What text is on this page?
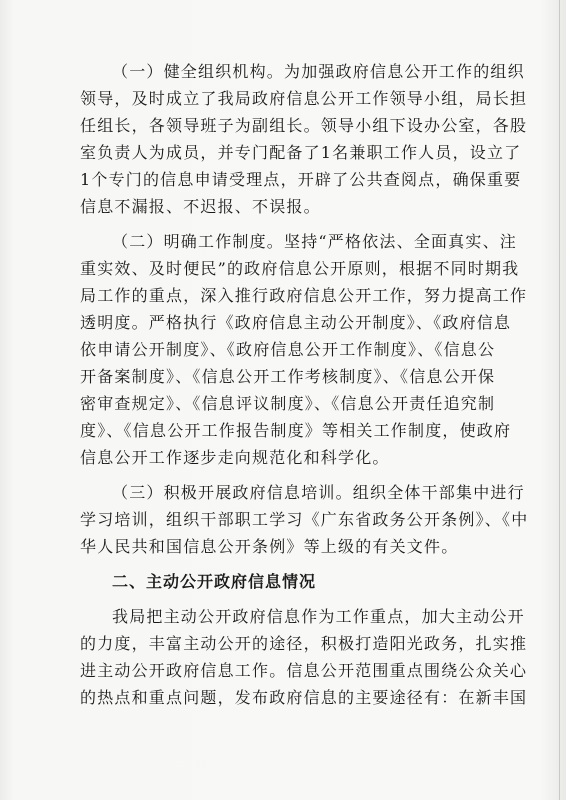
（一）健全组织机构。为加强政府信息公开工作的组织
领导，及时成立了我局政府信息公开工作领导小组，局长担
任组长，各领导班子为副组长。领导小组下设办公室，各股
室负责人为成员，并专门配备了1名兼职工作人员，设立了
1个专门的信息申请受理点，开辟了公共查阅点，确保重要
信息不漏报、不迟报、不误报。
（二）明确工作制度。坚持“严格依法、全面真实、注
重实效、及时便民”的政府信息公开原则，根据不同时期我
局工作的重点，深入推行政府信息公开工作，努力提高工作
透明度。严格执行《政府信息主动公开制度》、《政府信息
依申请公开制度》、《政府信息公开工作制度》、《信息公
开备案制度》、《信息公开工作考核制度》、《信息公开保
密审查规定》、《信息评议制度》、《信息公开责任追究制
度》、《信息公开工作报告制度》等相关工作制度，使政府
信息公开工作逐步走向规范化和科学化。
（三）积极开展政府信息培训。组织全体干部集中进行
学习培训，组织干部职工学习《广东省政务公开条例》、《中
华人民共和国信息公开条例》等上级的有关文件。
二、主动公开政府信息情况
我局把主动公开政府信息作为工作重点，加大主动公开
的力度，丰富主动公开的途径，积极打造阳光政务，扎实推
进主动公开政府信息工作。信息公开范围重点围绕公众关心
的热点和重点问题，发布政府信息的主要途径有：在新丰国
